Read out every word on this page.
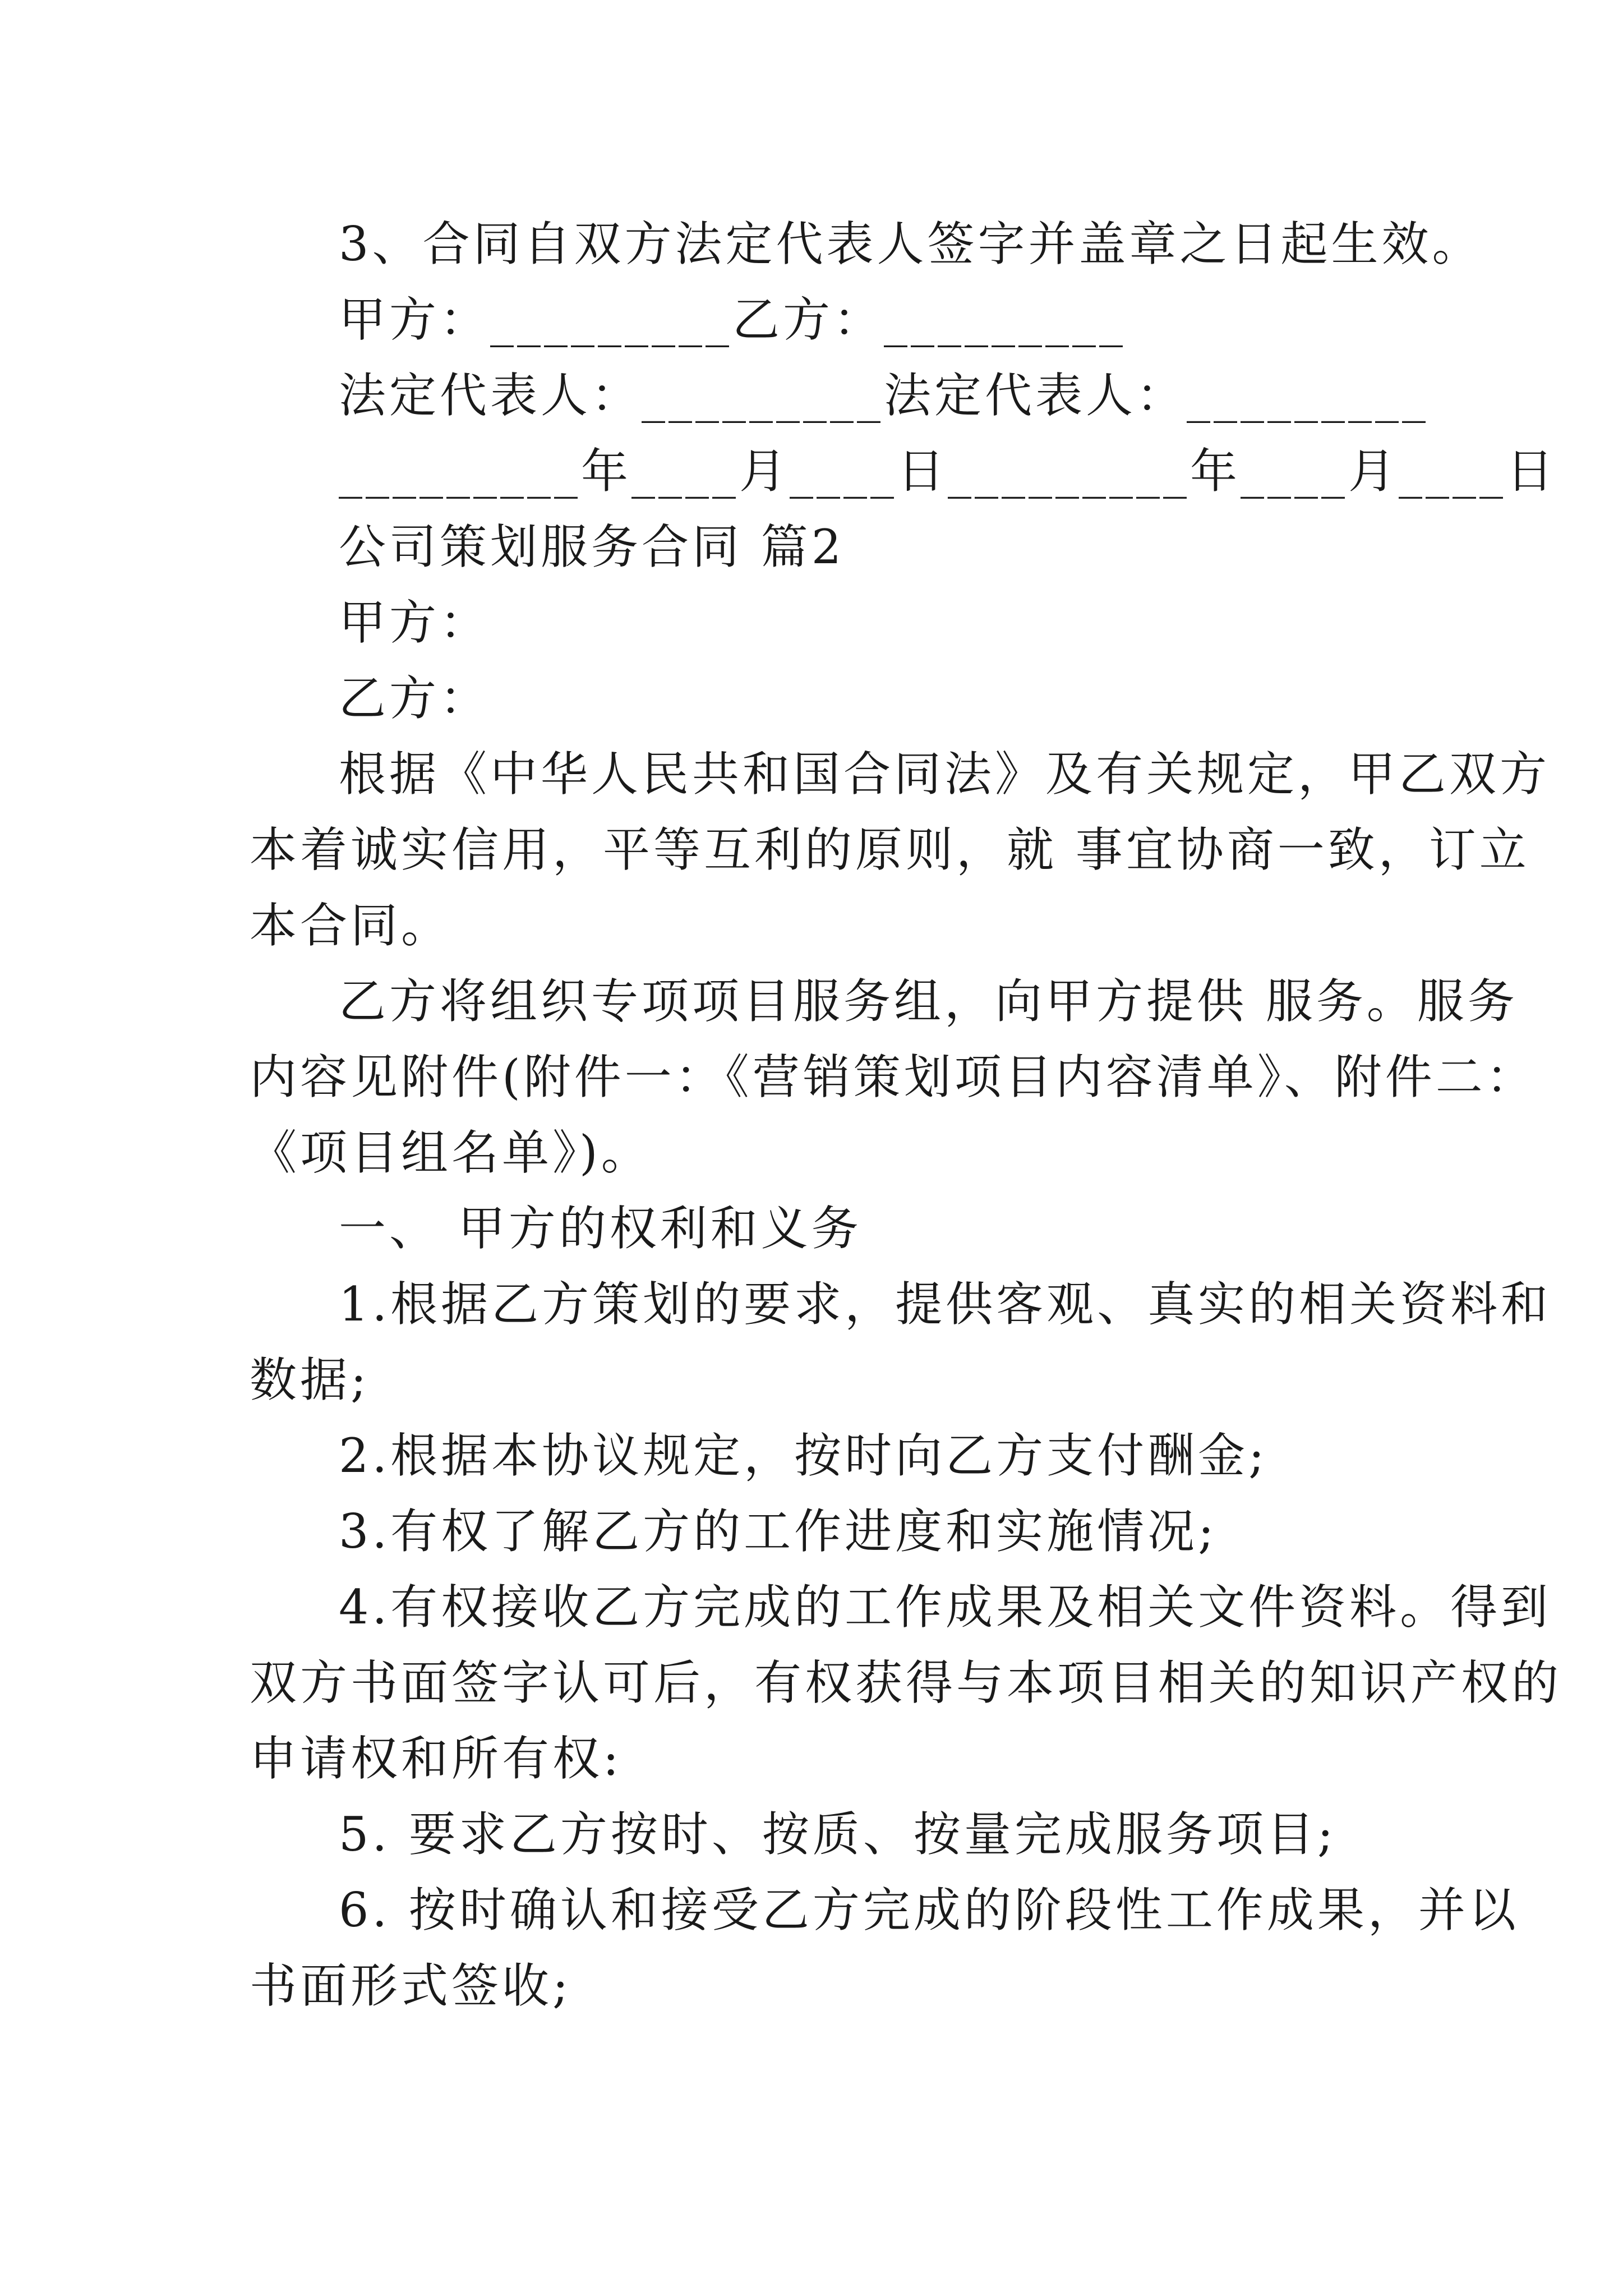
3、合同自双方法定代表人签字并盖章之日起生效。

甲方：_________乙方：_________

法定代表人：_________法定代表人：_________

_________年____月____日_________年____月____日

公司策划服务合同 篇2

甲方：

乙方：

根据《中华人民共和国合同法》及有关规定，甲乙双方

本着诚实信用，平等互利的原则，就 事宜协商一致，订立

本合同。

乙方将组织专项项目服务组，向甲方提供 服务。服务

内容见附件(附件一：《营销策划项目内容清单》、附件二：

《项目组名单》)。

一、 甲方的权利和义务

1.根据乙方策划的要求，提供客观、真实的相关资料和

数据;

2.根据本协议规定，按时向乙方支付酬金;

3.有权了解乙方的工作进度和实施情况;

4.有权接收乙方完成的工作成果及相关文件资料。得到

双方书面签字认可后，有权获得与本项目相关的知识产权的

申请权和所有权:

5. 要求乙方按时、按质、按量完成服务项目;

6. 按时确认和接受乙方完成的阶段性工作成果，并以

书面形式签收;
